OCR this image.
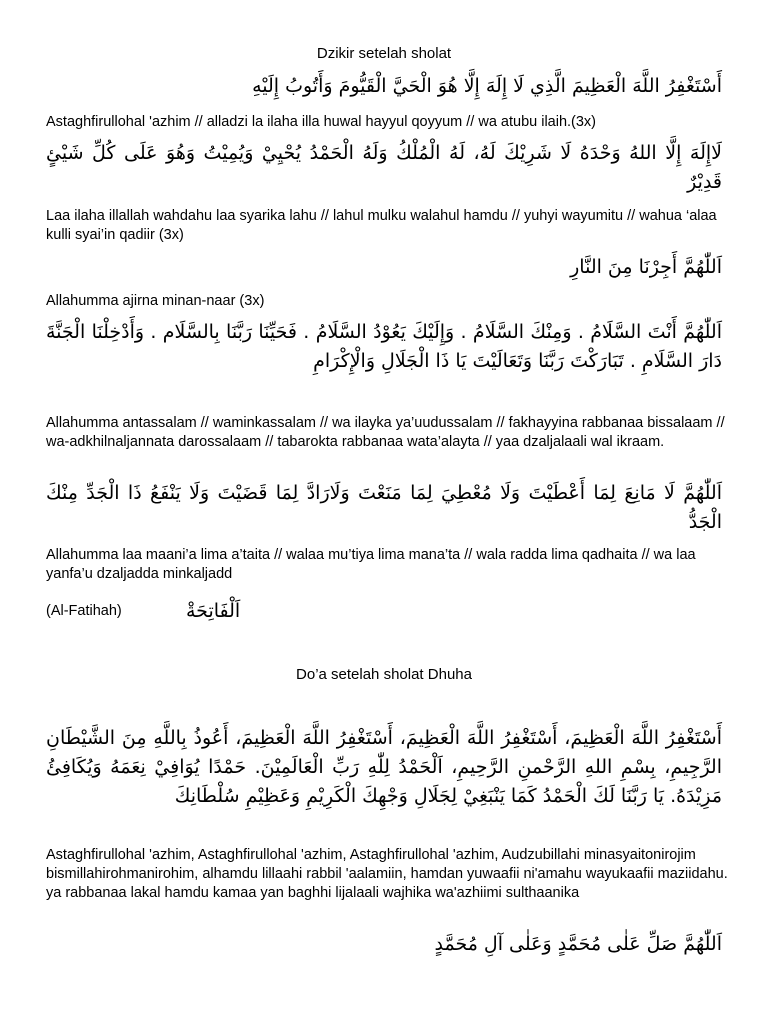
Dzikir setelah sholat
أَسْتَغْفِرُ اللَّهَ الْعَظِيمَ الَّذِي لَا إِلَهَ إِلَّا هُوَ الْحَيَّ الْقَيُّومَ وَأَتُوبُ إِلَيْهِ
Astaghfirullohal 'azhim // alladzi la ilaha illa huwal hayyul qoyyum // wa atubu ilaih.(3x)
لَاإِلَهَ إِلَّا اللهُ وَحْدَهُ لَا شَرِيْكَ لَهُ، لَهُ الْمُلْكُ وَلَهُ الْحَمْدُ يُحْيِيْ وَيُمِيْتُ وَهُوَ عَلَى كُلِّ شَيْئٍ قَدِيْرٌ
Laa ilaha illallah wahdahu laa syarika lahu // lahul mulku walahul hamdu // yuhyi wayumitu // wahua ‘alaa kulli syai’in qadiir (3x)
اَللّٰهُمَّ أَجِرْنَا مِنَ النَّارِ
Allahumma ajirna minan-naar (3x)
اَللّٰهُمَّ أَنْتَ السَّلَامُ . وَمِنْكَ السَّلَامُ . وَإِلَيْكَ يَعُوْدُ السَّلَامُ . فَحَيِّنَا رَبَّنَا بِالسَّلَام . وَأَدْخِلْنَا الْجَنَّةَ دَارَ السَّلَامِ . تَبَارَكْتَ رَبَّنَا وَتَعَالَيْتَ يَا ذَا الْجَلَالِ وَالْإِكْرَامِ
Allahumma antassalam // waminkassalam // wa ilayka ya’uudussalam // fakhayyina rabbanaa bissalaam // wa-adkhilnaljannata darossalaam // tabarokta rabbanaa wata’alayta // yaa dzaljalaali wal ikraam.
اَللّٰهُمَّ لَا مَانِعَ لِمَا أَعْطَيْتَ وَلَا مُعْطِيَ لِمَا مَنَعْتَ وَلَارَادَّ لِمَا قَضَيْتَ وَلَا يَنْفَعُ ذَا الْجَدِّ مِنْكَ الْجَدُّ
Allahumma laa maani’a lima a’taita // walaa mu’tiya lima mana’ta // wala radda lima qadhaita // wa laa yanfa’u dzaljadda minkaljadd
(Al-Fatihah)	اَلْفَاتِحَةْ
Do’a setelah sholat Dhuha
أَسْتَغْفِرُ اللَّهَ الْعَظِيمَ، أَسْتَغْفِرُ اللَّهَ الْعَظِيمَ، أَسْتَغْفِرُ اللَّهَ الْعَظِيمَ، أَعُوذُ بِاللَّهِ مِنَ الشَّيْطَانِ الرَّجِيمِ، بِسْمِ اللهِ الرَّحْمنِ الرَّحِيمِ، اَلْحَمْدُ لِلّٰهِ رَبِّ الْعَالَمِيْنَ. حَمْدًا يُوَافِيْ نِعَمَهُ وَيُكَافِئُ مَزِيْدَهُ. يَا رَبَّنَا لَكَ الْحَمْدُ كَمَا يَنْبَغِيْ لِجَلَالِ وَجْهِكَ الْكَرِيْمِ وَعَظِيْمِ سُلْطَانِكَ
Astaghfirullohal 'azhim, Astaghfirullohal 'azhim, Astaghfirullohal 'azhim, Audzubillahi minasyaitonirojim bismillahirohmanirohim, alhamdu lillaahi rabbil 'aalamiin, hamdan yuwaafii ni'amahu wayukaafii maziidahu. ya rabbanaa lakal hamdu kamaa yan baghhi lijalaali wajhika wa'azhiimi sulthaanika
اَللّٰهُمَّ صَلِّ عَلٰى مُحَمَّدٍ وَعَلٰى آلِ مُحَمَّدٍ
